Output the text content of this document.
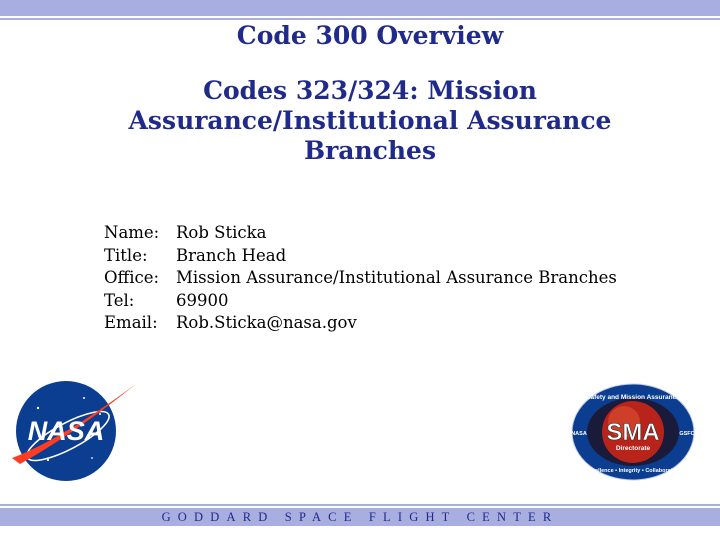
Code 300 Overview

Codes 323/324: Mission Assurance/Institutional Assurance Branches

Name:	Rob Sticka
Title:	Branch Head
Office:	Mission Assurance/Institutional Assurance Branches
Tel:	69900
Email:	Rob.Sticka@nasa.gov
NASA
Safety and Mission Assurance
Excellence • Integrity • Collaboration
NASA	GSFC
SMA
Directorate
GODDARD SPACE FLIGHT CENTER
